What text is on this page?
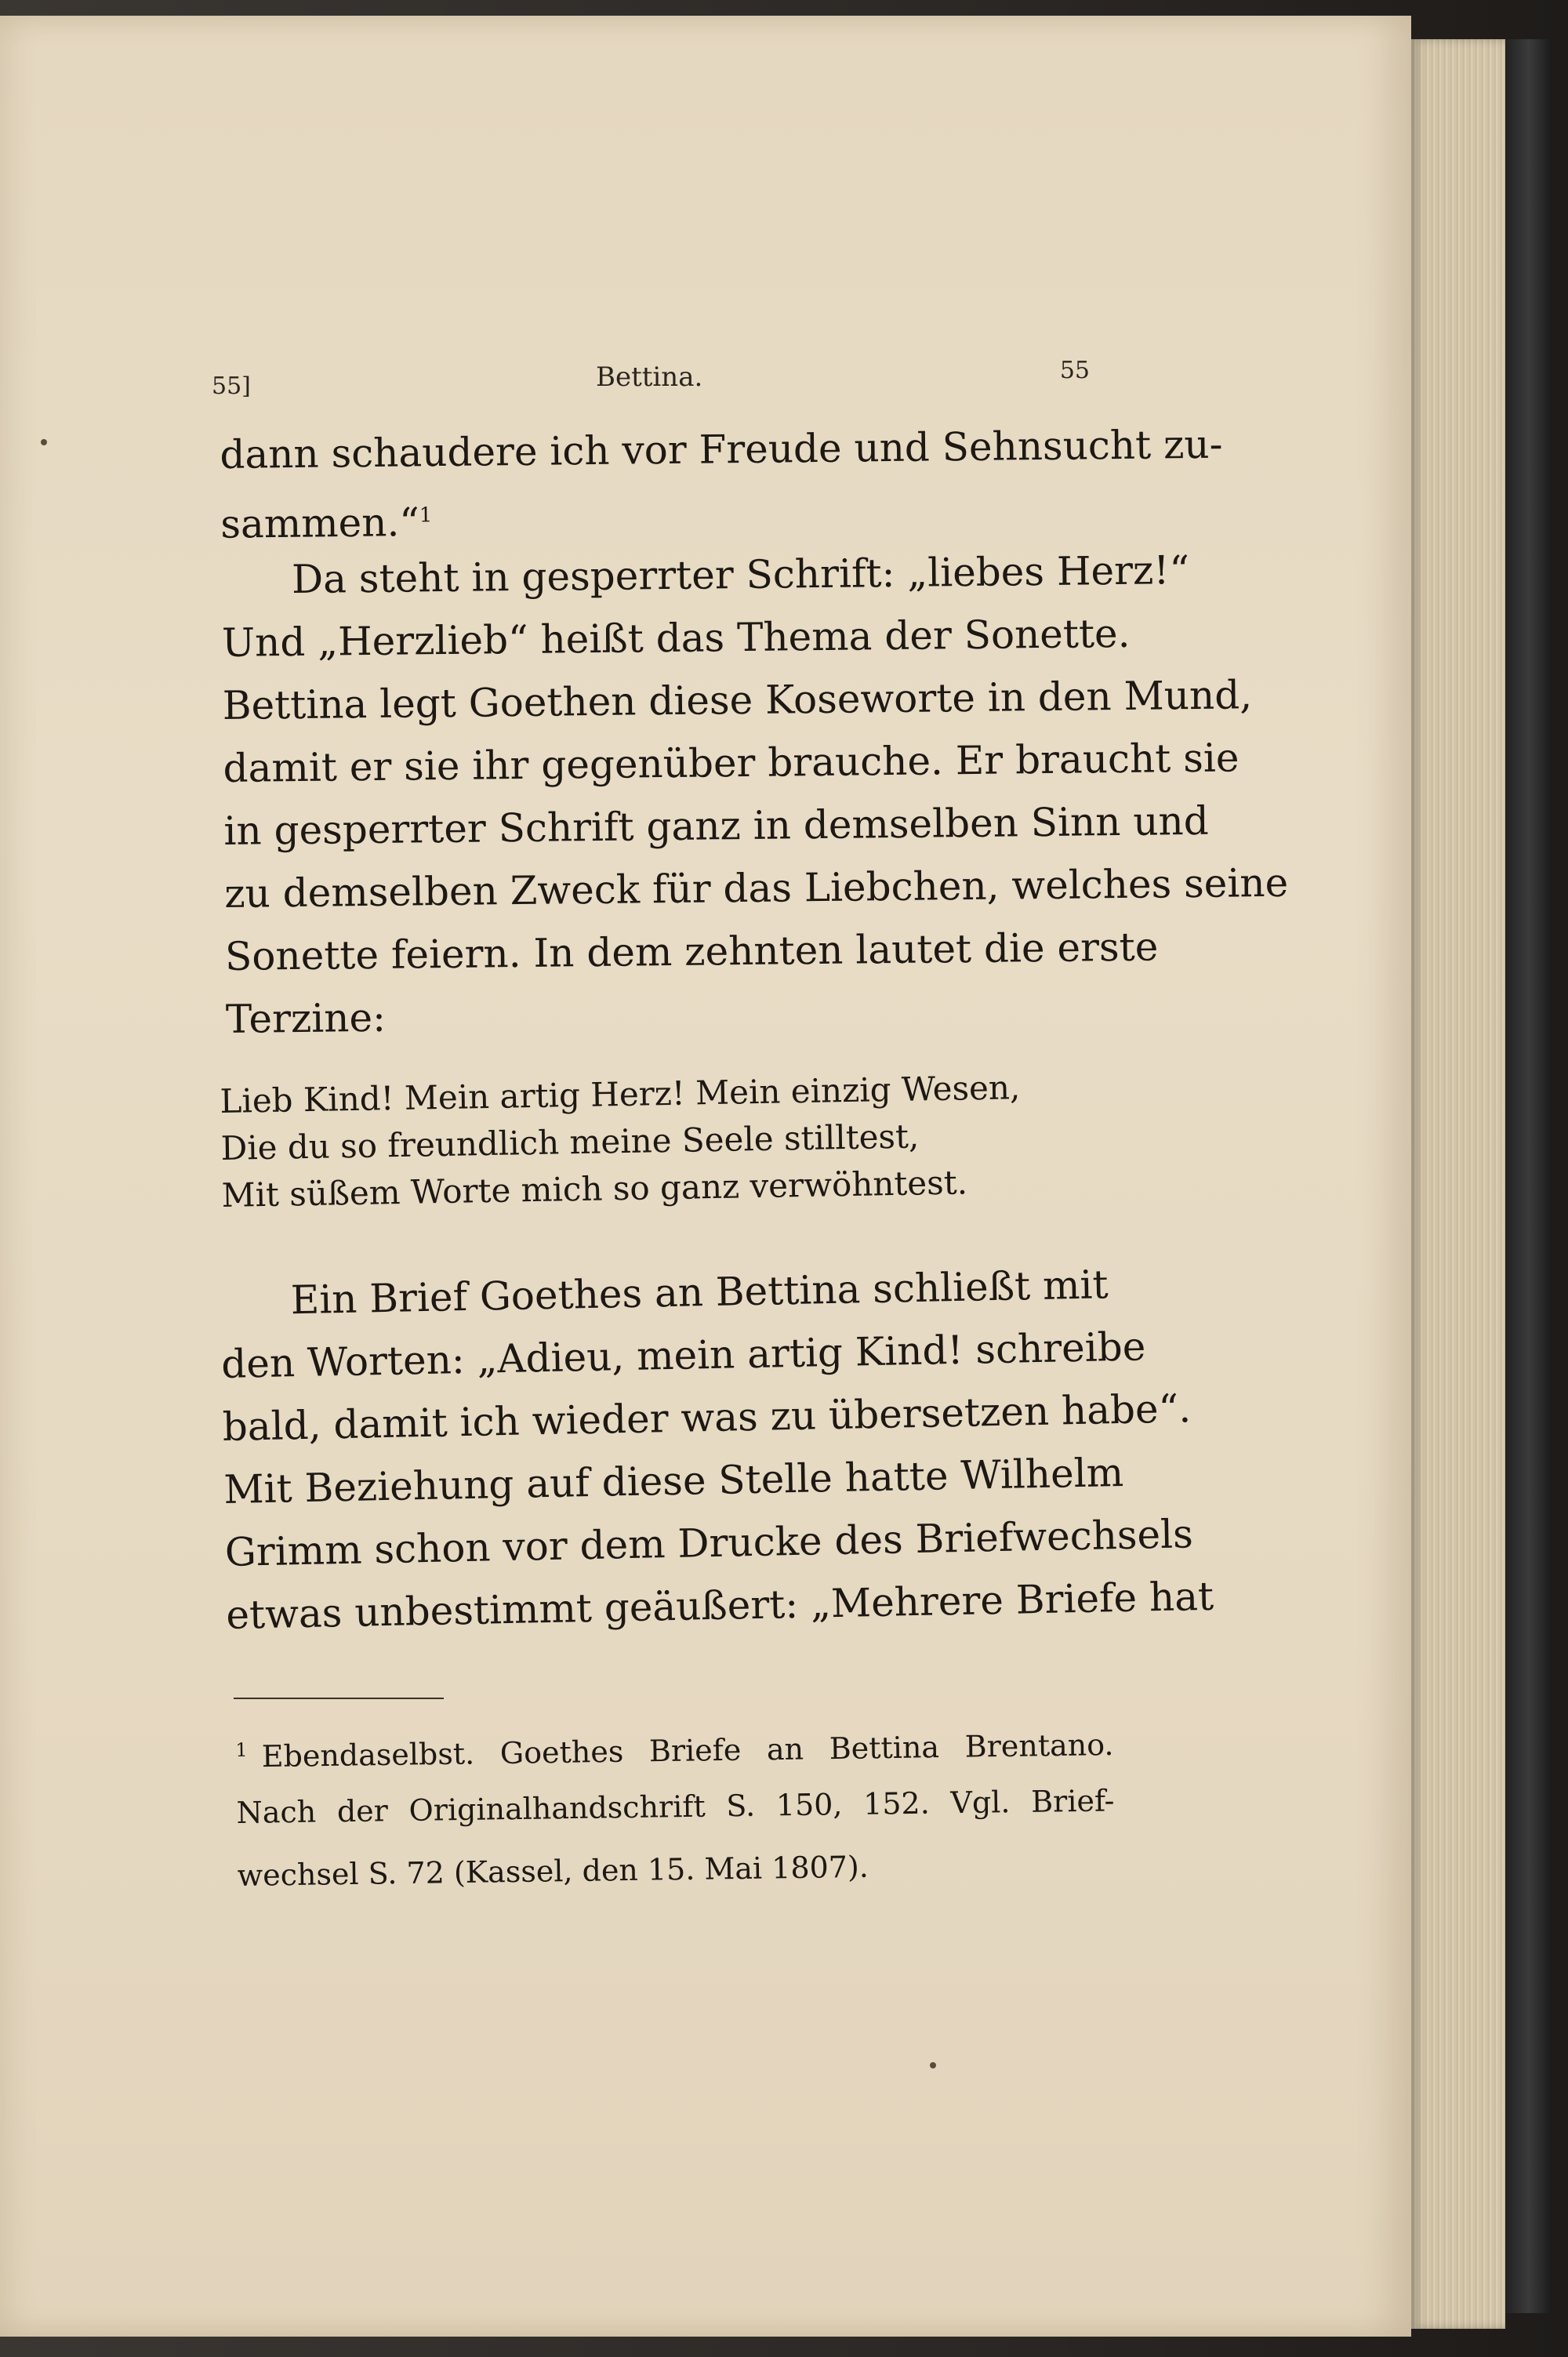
55]	Bettina.	55
dann schaudere ich vor Freude und Sehnsucht zu-
sammen.“$^1$
Da steht in gesperrter Schrift: „liebes Herz!“
Und „Herzlieb“ heißt das Thema der Sonette.
Bettina legt Goethen diese Koseworte in den Mund,
damit er sie ihr gegenüber brauche. Er braucht sie
in gesperrter Schrift ganz in demselben Sinn und
zu demselben Zweck für das Liebchen, welches seine
Sonette feiern. In dem zehnten lautet die erste
Terzine:
Lieb Kind! Mein artig Herz! Mein einzig Wesen,
Die du so freundlich meine Seele stilltest,
Mit süßem Worte mich so ganz verwöhntest.
Ein Brief Goethes an Bettina schließt mit
den Worten: „Adieu, mein artig Kind! schreibe
bald, damit ich wieder was zu übersetzen habe“.
Mit Beziehung auf diese Stelle hatte Wilhelm
Grimm schon vor dem Drucke des Briefwechsels
etwas unbestimmt geäußert: „Mehrere Briefe hat
$^1$ Ebendaselbst. Goethes Briefe an Bettina Brentano.
Nach der Originalhandschrift S. 150, 152. Vgl. Brief-
wechsel S. 72 (Kassel, den 15. Mai 1807).
